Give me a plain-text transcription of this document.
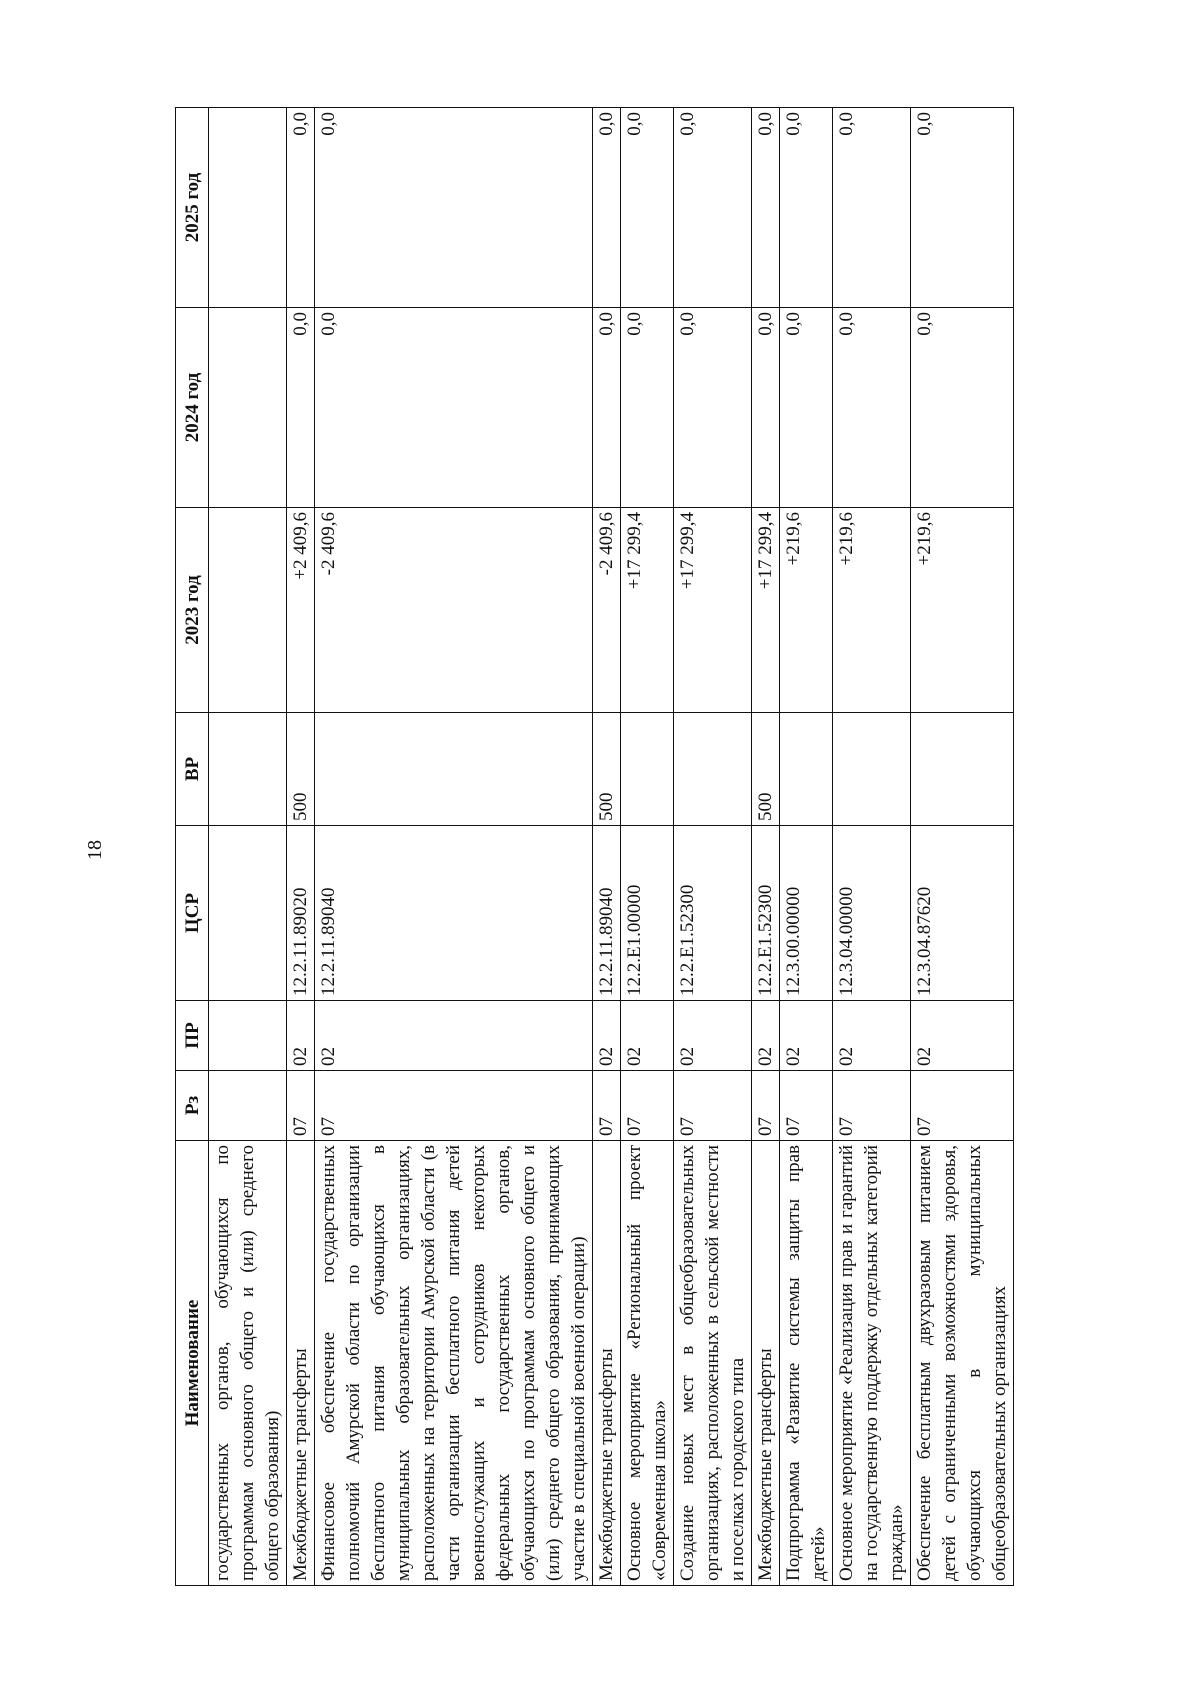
18
Наименование	Рз	ПР	ЦСР	ВР	2023 год	2024 год	2025 год
государственных органов, обучающихся по программам основного общего и (или) среднего общего образования)							
Межбюджетные трансферты	07	02	12.2.11.89020	500	+2 409,6	0,0	0,0
Финансовое обеспечение государственных полномочий Амурской области по организации бесплатного питания обучающихся в муниципальных образовательных организациях, расположенных на территории Амурской области (в части организации бесплатного питания детей военнослужащих и сотрудников некоторых федеральных государственных органов, обучающихся по программам основного общего и (или) среднего общего образования, принимающих участие в специальной военной операции)	07	02	12.2.11.89040		-2 409,6	0,0	0,0
Межбюджетные трансферты	07	02	12.2.11.89040	500	-2 409,6	0,0	0,0
Основное мероприятие «Региональный проект «Современная школа»	07	02	12.2.Е1.00000		+17 299,4	0,0	0,0
Создание новых мест в общеобразовательных организациях, расположенных в сельской местности и поселках городского типа	07	02	12.2.Е1.52300		+17 299,4	0,0	0,0
Межбюджетные трансферты	07	02	12.2.Е1.52300	500	+17 299,4	0,0	0,0
Подпрограмма «Развитие системы защиты прав детей»	07	02	12.3.00.00000		+219,6	0,0	0,0
Основное мероприятие «Реализация прав и гарантий на государственную поддержку отдельных категорий граждан»	07	02	12.3.04.00000		+219,6	0,0	0,0
Обеспечение бесплатным двухразовым питанием детей с ограниченными возможностями здоровья, обучающихся в муниципальных общеобразовательных организациях	07	02	12.3.04.87620		+219,6	0,0	0,0
